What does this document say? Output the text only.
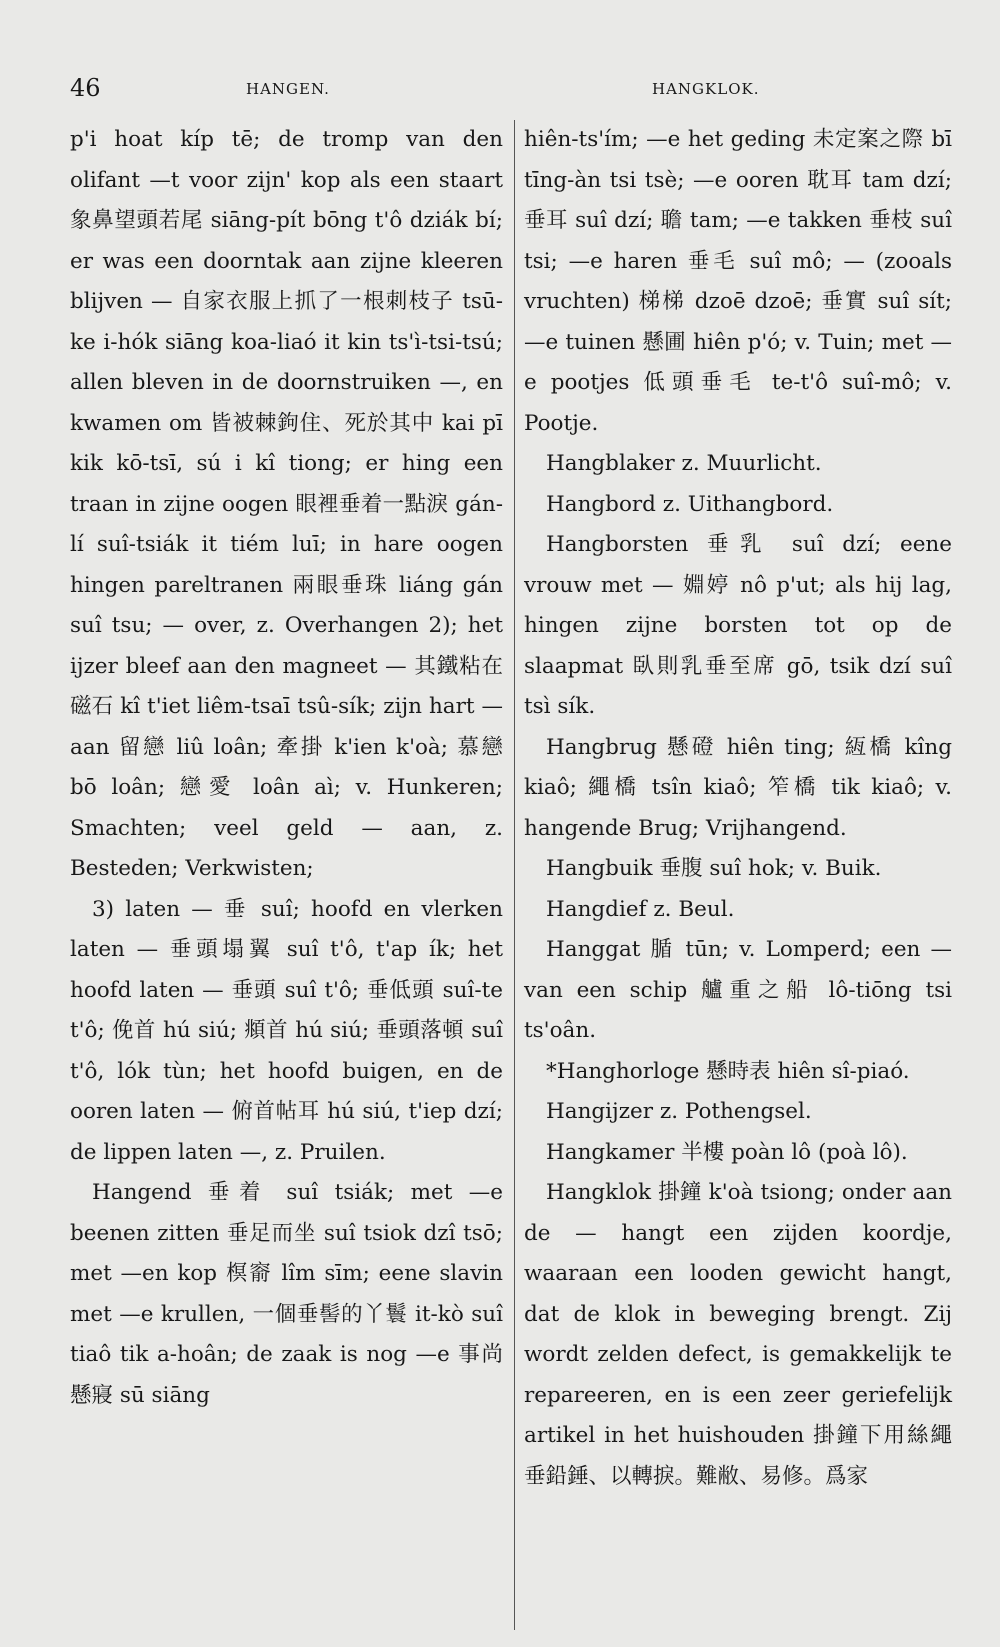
46	HANGEN.	HANGKLOK.

p'i hoat kíp tē; de tromp van den olifant —t voor zijn' kop als een staart 象鼻望頭若尾 siāng-pít bōng t'ô dziák bí; er was een doorntak aan zijne kleeren blijven — 自家衣服上抓了一根刺枝子 tsū-ke i-hók siāng koa-liaó it kin ts'ì-tsi-tsú; allen bleven in de doornstruiken —, en kwamen om 皆被棘鉤住、死於其中 kai pī kik kō-tsī, sú i kî tiong; er hing een traan in zijne oogen 眼裡垂着一點淚 gán-lí suî-tsiák it tiém luī; in hare oogen hingen pareltranen 兩眼垂珠 liáng gán suî tsu; — over, z. Overhangen 2); het ijzer bleef aan den magneet — 其鐵粘在磁石 kî t'iet liêm-tsaī tsû-sík; zijn hart — aan 留戀 liû loân; 牽掛 k'ien k'oà; 慕戀 bō loân; 戀愛 loân aì; v. Hunkeren; Smachten; veel geld — aan, z. Besteden; Verkwisten;

3) laten — 垂 suî; hoofd en vlerken laten — 垂頭塌翼 suî t'ô, t'ap ík; het hoofd laten — 垂頭 suî t'ô; 垂低頭 suî-te t'ô; 俛首 hú siú; 頫首 hú siú; 垂頭落頓 suî t'ô, lók tùn; het hoofd buigen, en de ooren laten — 俯首帖耳 hú siú, t'iep dzí; de lippen laten —, z. Pruilen.

Hangend 垂着 suî tsiák; met —e beenen zitten 垂足而坐 suî tsiok dzî tsō; met —en kop 榠窬 lîm sīm; eene slavin met —e krullen, 一個垂髻的丫鬟 it-kò suî tiaô tik a-hoân; de zaak is nog —e 事尚懸寢 sū siāng

hiên-ts'ím; —e het geding 未定案之際 bī tīng-àn tsi tsè; —e ooren 耽耳 tam dzí; 垂耳 suî dzí; 聸 tam; —e takken 垂枝 suî tsi; —e haren 垂毛 suî mô; — (zooals vruchten) 梯梯 dzoē dzoē; 垂實 suî sít; —e tuinen 懸圃 hiên p'ó; v. Tuin; met —e pootjes 低頭垂毛 te-t'ô suî-mô; v. Pootje.

Hangblaker z. Muurlicht.

Hangbord z. Uithangbord.

Hangborsten 垂乳 suî dzí; eene vrouw met — 婣婷 nô p'ut; als hij lag, hingen zijne borsten tot op de slaapmat 臥則乳垂至席 gō, tsik dzí suî tsì sík.

Hangbrug 懸磴 hiên ting; 絚橋 kîng kiaô; 繩橋 tsîn kiaô; 笮橋 tik kiaô; v. hangende Brug; Vrijhangend.

Hangbuik 垂腹 suî hok; v. Buik.

Hangdief z. Beul.

Hanggat 腯 tūn; v. Lomperd; een — van een schip 艫重之船 lô-tiōng tsi ts'oân.

*Hanghorloge 懸時表 hiên sî-piaó.

Hangijzer z. Pothengsel.

Hangkamer 半樓 poàn lô (poà lô).

Hangklok 掛鐘 k'oà tsiong; onder aan de — hangt een zijden koordje, waaraan een looden gewicht hangt, dat de klok in beweging brengt. Zij wordt zelden defect, is gemakkelijk te repareeren, en is een zeer geriefelijk artikel in het huishouden 掛鐘下用絲繩垂鉛錘、以轉捩。難敝、易修。爲家
